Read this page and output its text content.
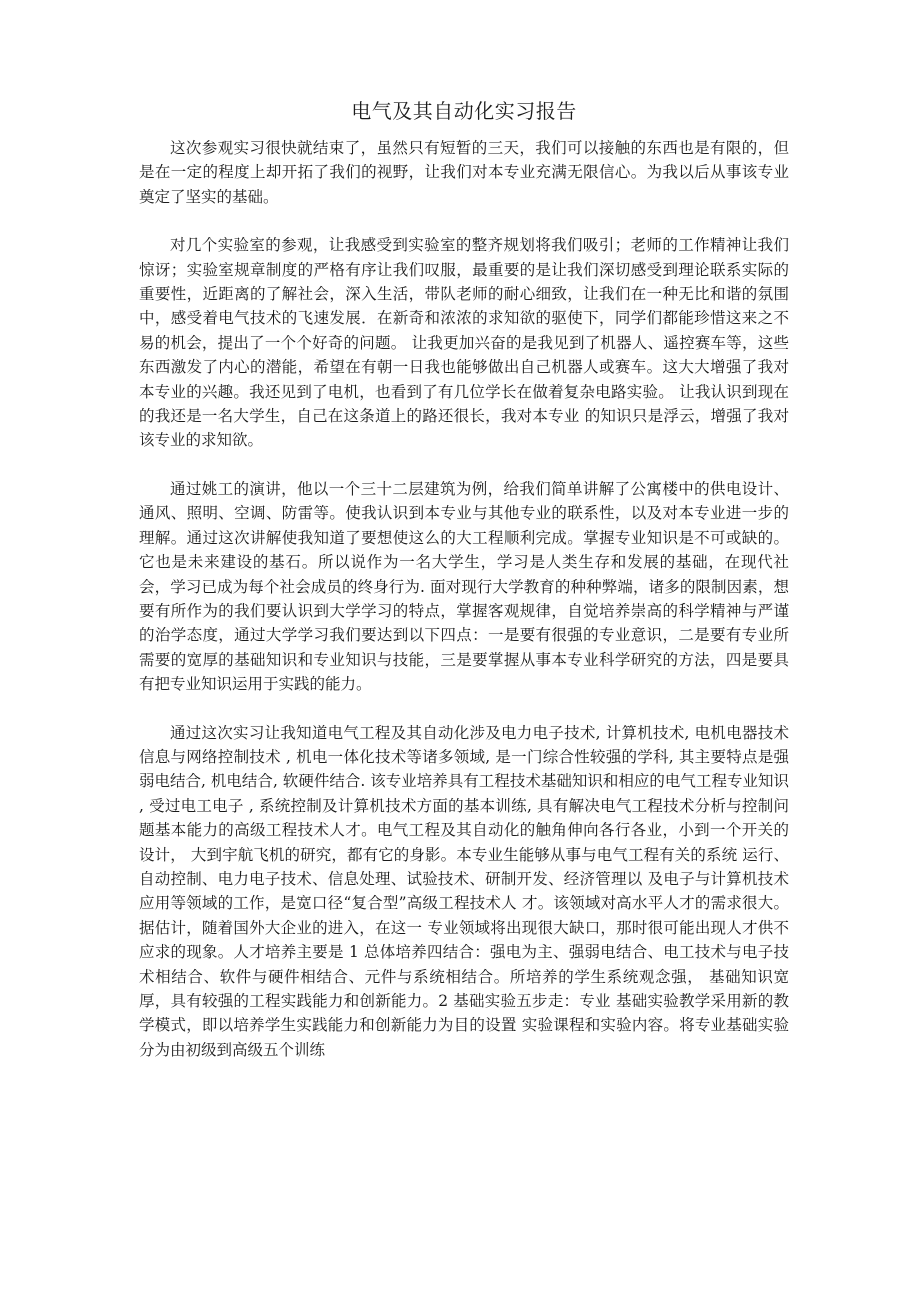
电气及其自动化实习报告

这次参观实习很快就结束了，虽然只有短暂的三天，我们可以接触的东西也是有限的，但是在一定的程度上却开拓了我们的视野，让我们对本专业充满无限信心。为我以后从事该专业奠定了坚实的基础。

对几个实验室的参观，让我感受到实验室的整齐规划将我们吸引；老师的工作精神让我们惊讶；实验室规章制度的严格有序让我们叹服，最重要的是让我们深切感受到理论联系实际的重要性，近距离的了解社会，深入生活，带队老师的耐心细致，让我们在一种无比和谐的氛围中，感受着电气技术的飞速发展．在新奇和浓浓的求知欲的驱使下，同学们都能珍惜这来之不易的机会，提出了一个个好奇的问题。 让我更加兴奋的是我见到了机器人、遥控赛车等，这些东西激发了内心的潜能，希望在有朝一日我也能够做出自己机器人或赛车。这大大增强了我对本专业的兴趣。我还见到了电机，也看到了有几位学长在做着复杂电路实验。 让我认识到现在的我还是一名大学生，自己在这条道上的路还很长，我对本专业 的知识只是浮云，增强了我对该专业的求知欲。

通过姚工的演讲，他以一个三十二层建筑为例，给我们简单讲解了公寓楼中的供电设计、通风、照明、空调、防雷等。使我认识到本专业与其他专业的联系性，以及对本专业进一步的理解。通过这次讲解使我知道了要想使这么的大工程顺利完成。掌握专业知识是不可或缺的。它也是未来建设的基石。所以说作为一名大学生，学习是人类生存和发展的基础，在现代社会，学习已成为每个社会成员的终身行为. 面对现行大学教育的种种弊端，诸多的限制因素，想要有所作为的我们要认识到大学学习的特点，掌握客观规律，自觉培养崇高的科学精神与严谨的治学态度，通过大学学习我们要达到以下四点：一是要有很强的专业意识，二是要有专业所需要的宽厚的基础知识和专业知识与技能，三是要掌握从事本专业科学研究的方法，四是要具有把专业知识运用于实践的能力。

通过这次实习让我知道电气工程及其自动化涉及电力电子技术, 计算机技术, 电机电器技术信息与网络控制技术 , 机电一体化技术等诸多领域, 是一门综合性较强的学科, 其主要特点是强弱电结合, 机电结合, 软硬件结合. 该专业培养具有工程技术基础知识和相应的电气工程专业知识 , 受过电工电子 , 系统控制及计算机技术方面的基本训练, 具有解决电气工程技术分析与控制问题基本能力的高级工程技术人才。电气工程及其自动化的触角伸向各行各业，小到一个开关的设计， 大到宇航飞机的研究，都有它的身影。本专业生能够从事与电气工程有关的系统 运行、自动控制、电力电子技术、信息处理、试验技术、研制开发、经济管理以 及电子与计算机技术应用等领域的工作，是宽口径“复合型”高级工程技术人 才。该领域对高水平人才的需求很大。据估计，随着国外大企业的进入，在这一 专业领域将出现很大缺口，那时很可能出现人才供不应求的现象。人才培养主要是 1 总体培养四结合：强电为主、强弱电结合、电工技术与电子技 术相结合、软件与硬件相结合、元件与系统相结合。所培养的学生系统观念强， 基础知识宽厚，具有较强的工程实践能力和创新能力。2 基础实验五步走：专业 基础实验教学采用新的教学模式，即以培养学生实践能力和创新能力为目的设置 实验课程和实验内容。将专业基础实验分为由初级到高级五个训练
